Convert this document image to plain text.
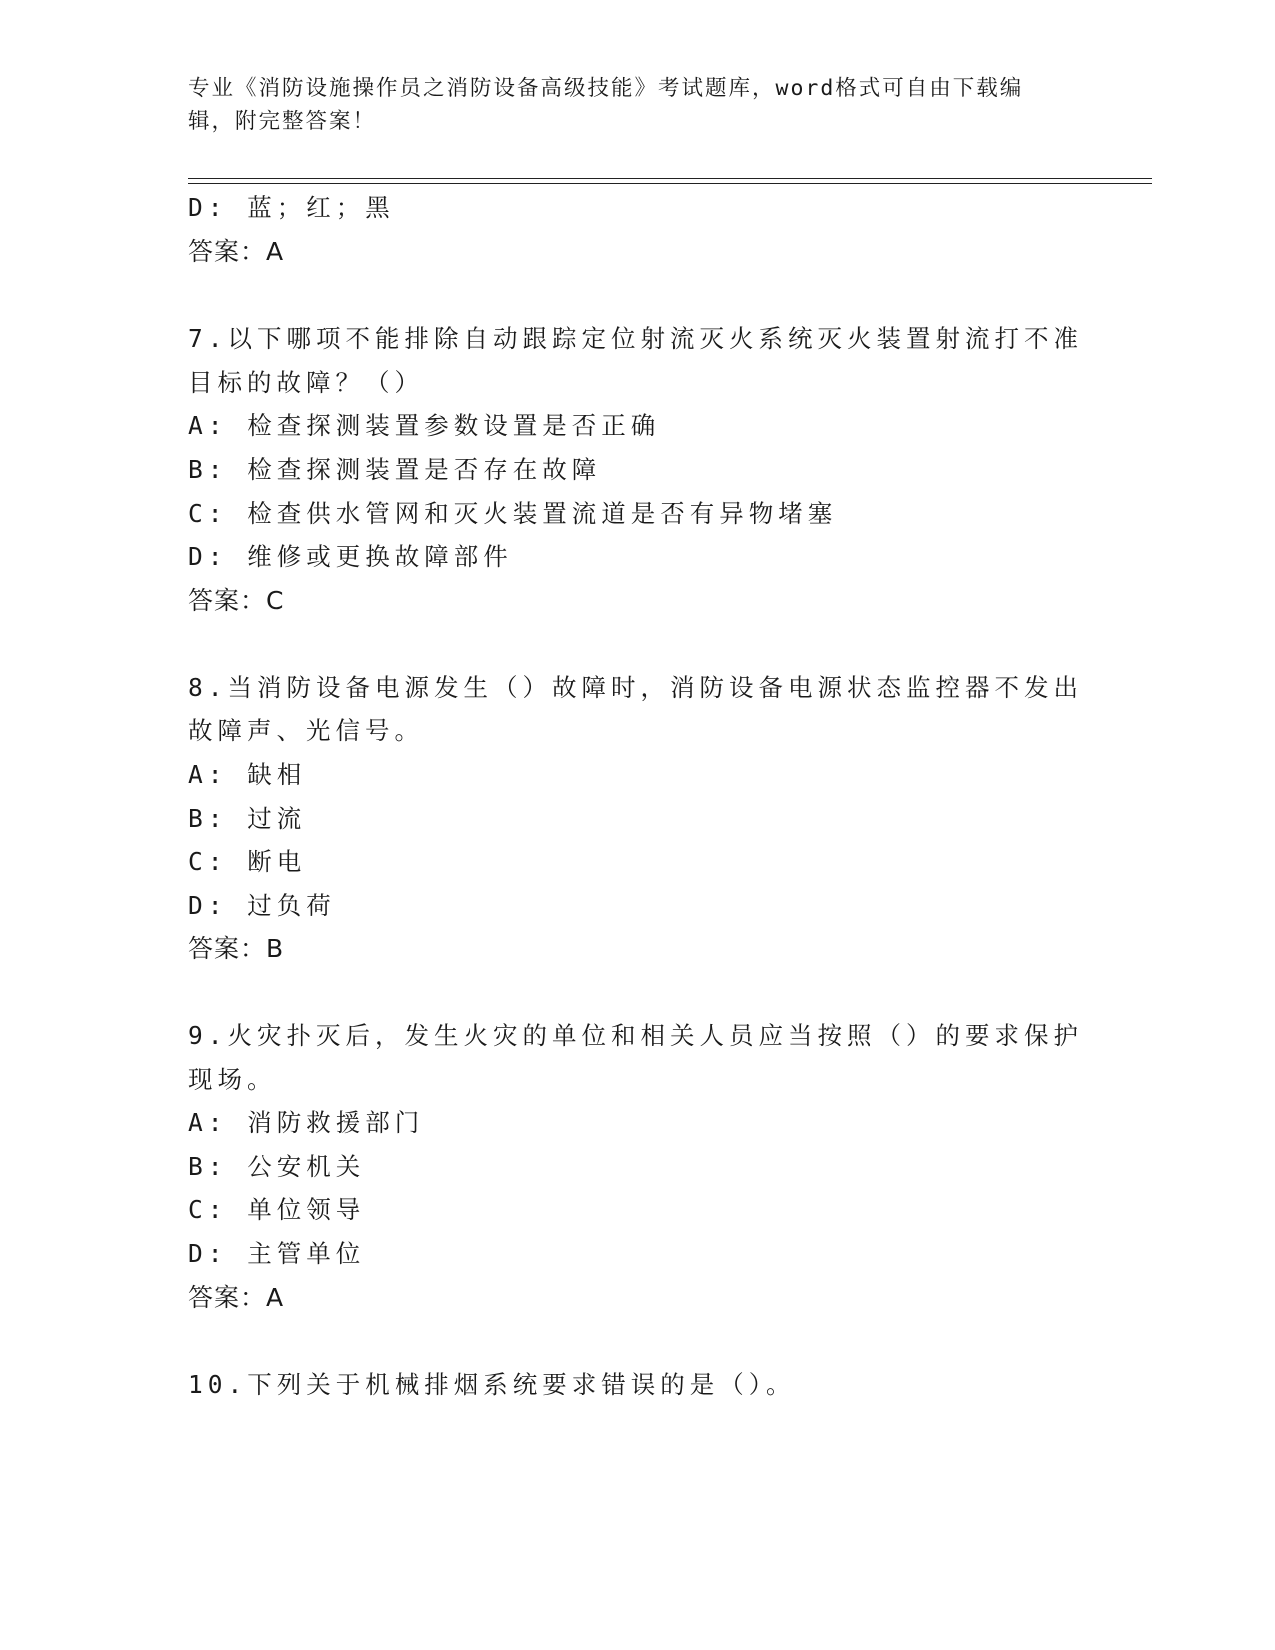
专业《消防设施操作员之消防设备高级技能》考试题库，word格式可自由下载编辑，附完整答案！
D: 蓝；红；黑
答案：A
7.以下哪项不能排除自动跟踪定位射流灭火系统灭火装置射流打不准
目标的故障？（）
A: 检查探测装置参数设置是否正确
B: 检查探测装置是否存在故障
C: 检查供水管网和灭火装置流道是否有异物堵塞
D: 维修或更换故障部件
答案：C
8.当消防设备电源发生（）故障时，消防设备电源状态监控器不发出
故障声、光信号。
A: 缺相
B: 过流
C: 断电
D: 过负荷
答案：B
9.火灾扑灭后，发生火灾的单位和相关人员应当按照（）的要求保护
现场。
A: 消防救援部门
B: 公安机关
C: 单位领导
D: 主管单位
答案：A
10.下列关于机械排烟系统要求错误的是（）。
